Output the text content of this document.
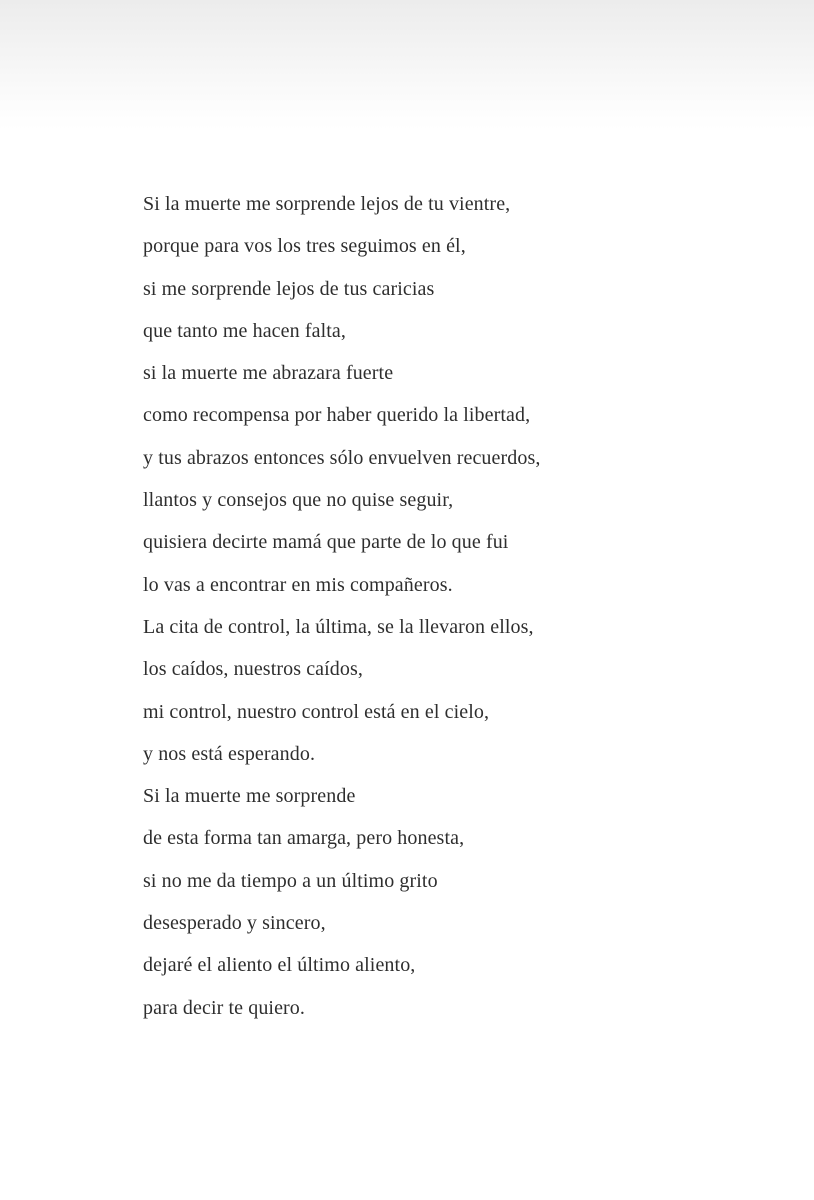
Si la muerte me sorprende lejos de tu vientre,
porque para vos los tres seguimos en él,
si me sorprende lejos de tus caricias
que tanto me hacen falta,
si la muerte me abrazara fuerte
como recompensa por haber querido la libertad,
y tus abrazos entonces sólo envuelven recuerdos,
llantos y consejos que no quise seguir,
quisiera decirte mamá que parte de lo que fui
lo vas a encontrar en mis compañeros.
La cita de control, la última, se la llevaron ellos,
los caídos, nuestros caídos,
mi control, nuestro control está en el cielo,
y nos está esperando.
Si la muerte me sorprende
de esta forma tan amarga, pero honesta,
si no me da tiempo a un último grito
desesperado y sincero,
dejaré el aliento el último aliento,
para decir te quiero.
